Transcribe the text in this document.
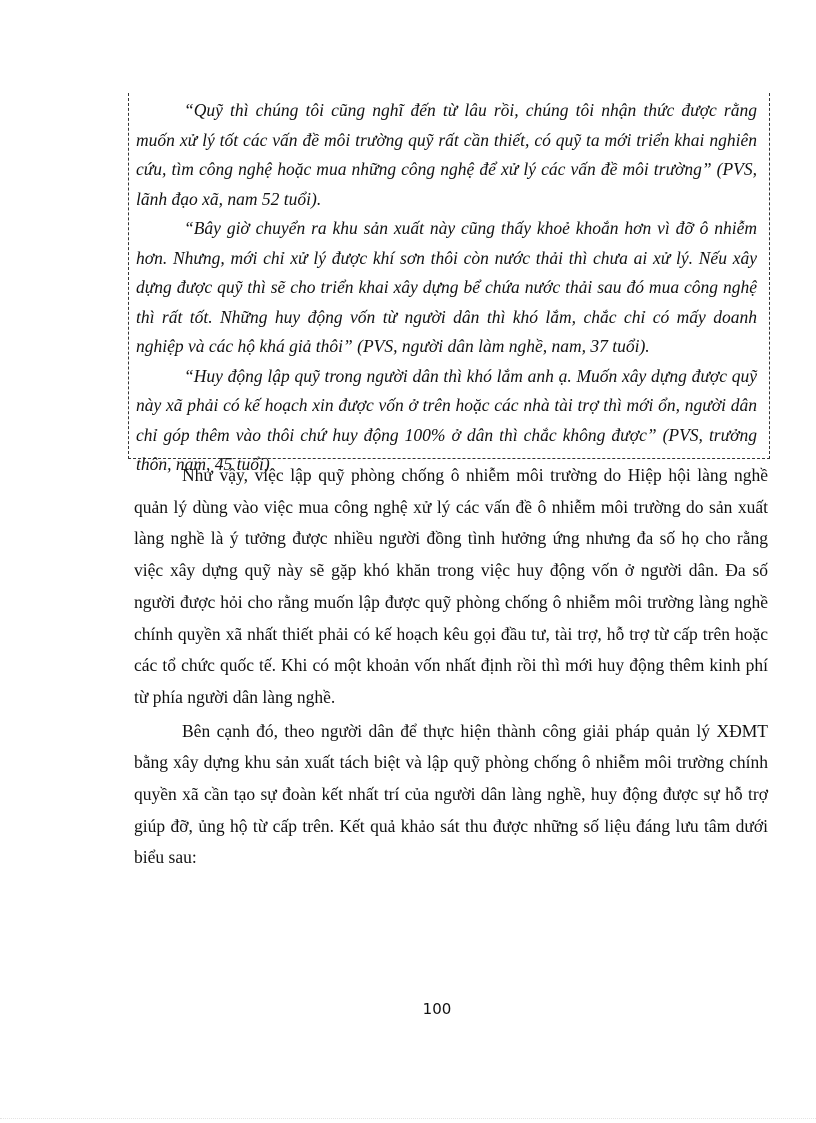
“Quỹ thì chúng tôi cũng nghĩ đến từ lâu rồi, chúng tôi nhận thức được rằng muốn xử lý tốt các vấn đề môi trường quỹ rất cần thiết, có quỹ ta mới triển khai nghiên cứu, tìm công nghệ hoặc mua những công nghệ để xử lý các vấn đề môi trường” (PVS, lãnh đạo xã, nam 52 tuổi).

“Bây giờ chuyển ra khu sản xuất này cũng thấy khoẻ khoắn hơn vì đỡ ô nhiễm hơn. Nhưng, mới chỉ xử lý được khí sơn thôi còn nước thải thì chưa ai xử lý. Nếu xây dựng được quỹ thì sẽ cho triển khai xây dựng bể chứa nước thải sau đó mua công nghệ thì rất tốt. Những huy động vốn từ người dân thì khó lắm, chắc chỉ có mấy doanh nghiệp và các hộ khá giả thôi” (PVS, người dân làm nghề, nam, 37 tuổi).

“Huy động lập quỹ trong người dân thì khó lắm anh ạ. Muốn xây dựng được quỹ này xã phải có kế hoạch xin được vốn ở trên hoặc các nhà tài trợ thì mới ổn, người dân chỉ góp thêm vào thôi chứ huy động 100% ở dân thì chắc không được” (PVS, trưởng thôn, nam, 45 tuổi)

Như vậy, việc lập quỹ phòng chống ô nhiễm môi trường do Hiệp hội làng nghề quản lý dùng vào việc mua công nghệ xử lý các vấn đề ô nhiễm môi trường do sản xuất làng nghề là ý tưởng được nhiều người đồng tình hưởng ứng nhưng đa số họ cho rằng việc xây dựng quỹ này sẽ gặp khó khăn trong việc huy động vốn ở người dân. Đa số người được hỏi cho rằng muốn lập được quỹ phòng chống ô nhiễm môi trường làng nghề chính quyền xã nhất thiết phải có kế hoạch kêu gọi đầu tư, tài trợ, hỗ trợ từ cấp trên hoặc các tổ chức quốc tế. Khi có một khoản vốn nhất định rồi thì mới huy động thêm kinh phí từ phía người dân làng nghề.

Bên cạnh đó, theo người dân để thực hiện thành công giải pháp quản lý XĐMT bằng xây dựng khu sản xuất tách biệt và lập quỹ phòng chống ô nhiễm môi trường chính quyền xã cần tạo sự đoàn kết nhất trí của người dân làng nghề, huy động được sự hỗ trợ giúp đỡ, ủng hộ từ cấp trên. Kết quả khảo sát thu được những số liệu đáng lưu tâm dưới biểu sau:

100
